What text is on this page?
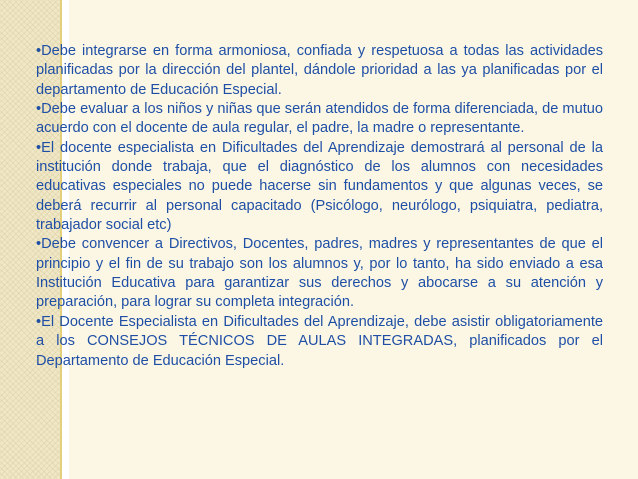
•Debe integrarse en forma armoniosa, confiada y respetuosa a todas las actividades planificadas por la dirección del plantel, dándole prioridad a las ya planificadas por el departamento de Educación Especial.
•Debe evaluar a los niños y niñas que serán atendidos de forma diferenciada, de mutuo acuerdo con el docente de aula regular, el padre, la madre o representante.
•El docente especialista en Dificultades del Aprendizaje demostrará al personal de la institución donde trabaja, que el diagnóstico de los alumnos con necesidades educativas especiales no puede hacerse sin fundamentos y que algunas veces, se deberá recurrir al personal capacitado (Psicólogo, neurólogo, psiquiatra, pediatra, trabajador social etc)
•Debe convencer a Directivos, Docentes, padres, madres y representantes de que el principio y el fin de su trabajo son los alumnos y, por lo tanto, ha sido enviado a esa Institución Educativa para garantizar sus derechos y abocarse a su atención y preparación, para lograr su completa integración.
•El Docente Especialista en Dificultades del Aprendizaje, debe asistir obligatoriamente a los CONSEJOS TÉCNICOS DE AULAS INTEGRADAS, planificados por el Departamento de Educación Especial.
